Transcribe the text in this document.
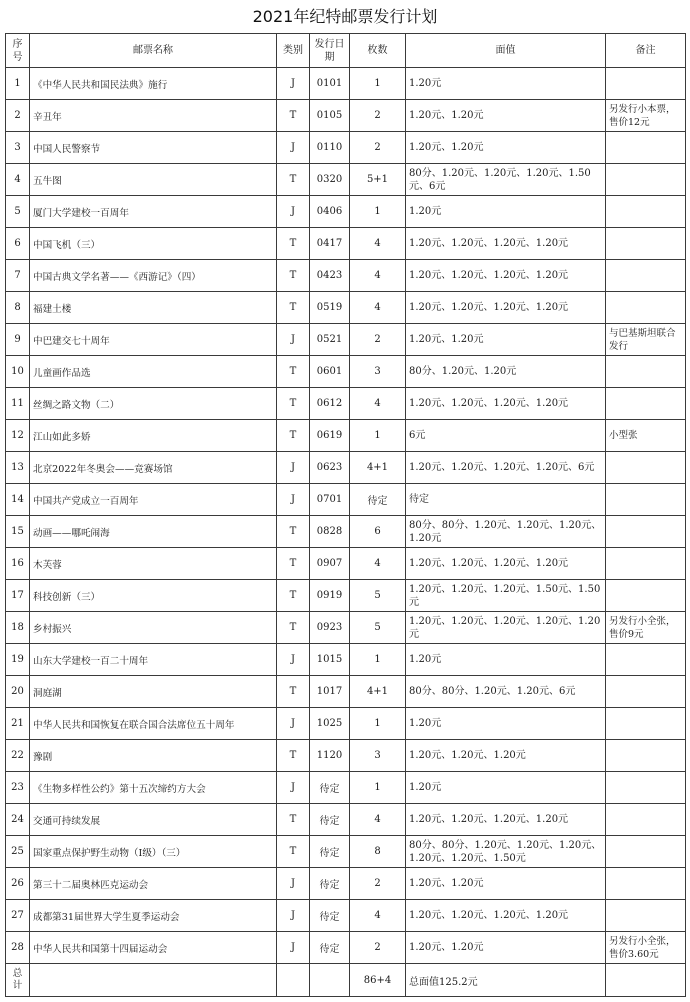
2021年纪特邮票发行计划
序号	邮票名称	类别	发行日期	枚数	面值	备注
1	《中华人民共和国民法典》施行	J	0101	1	1.20元	
2	辛丑年	T	0105	2	1.20元、1.20元	另发行小本票，售价12元
3	中国人民警察节	J	0110	2	1.20元、1.20元	
4	五牛图	T	0320	5+1	80分、1.20元、1.20元、1.20元、1.50元、6元	
5	厦门大学建校一百周年	J	0406	1	1.20元	
6	中国飞机（三）	T	0417	4	1.20元、1.20元、1.20元、1.20元	
7	中国古典文学名著——《西游记》（四）	T	0423	4	1.20元、1.20元、1.20元、1.20元	
8	福建土楼	T	0519	4	1.20元、1.20元、1.20元、1.20元	
9	中巴建交七十周年	J	0521	2	1.20元、1.20元	与巴基斯坦联合发行
10	儿童画作品选	T	0601	3	80分、1.20元、1.20元	
11	丝绸之路文物（二）	T	0612	4	1.20元、1.20元、1.20元、1.20元	
12	江山如此多娇	T	0619	1	6元	小型张
13	北京2022年冬奥会——竞赛场馆	J	0623	4+1	1.20元、1.20元、1.20元、1.20元、6元	
14	中国共产党成立一百周年	J	0701	待定	待定	
15	动画——哪吒闹海	T	0828	6	80分、80分、1.20元、1.20元、1.20元、1.20元	
16	木芙蓉	T	0907	4	1.20元、1.20元、1.20元、1.20元	
17	科技创新（三）	T	0919	5	1.20元、1.20元、1.20元、1.50元、1.50元	
18	乡村振兴	T	0923	5	1.20元、1.20元、1.20元、1.20元、1.20元	另发行小全张，售价9元
19	山东大学建校一百二十周年	J	1015	1	1.20元	
20	洞庭湖	T	1017	4+1	80分、80分、1.20元、1.20元、6元	
21	中华人民共和国恢复在联合国合法席位五十周年	J	1025	1	1.20元	
22	豫剧	T	1120	3	1.20元、1.20元、1.20元	
23	《生物多样性公约》第十五次缔约方大会	J	待定	1	1.20元	
24	交通可持续发展	T	待定	4	1.20元、1.20元、1.20元、1.20元	
25	国家重点保护野生动物（I级）（三）	T	待定	8	80分、80分、1.20元、1.20元、1.20元、1.20元、1.20元、1.50元	
26	第三十二届奥林匹克运动会	J	待定	2	1.20元、1.20元	
27	成都第31届世界大学生夏季运动会	J	待定	4	1.20元、1.20元、1.20元、1.20元	
28	中华人民共和国第十四届运动会	J	待定	2	1.20元、1.20元	另发行小全张，售价3.60元
总计				86+4	总面值125.2元	
